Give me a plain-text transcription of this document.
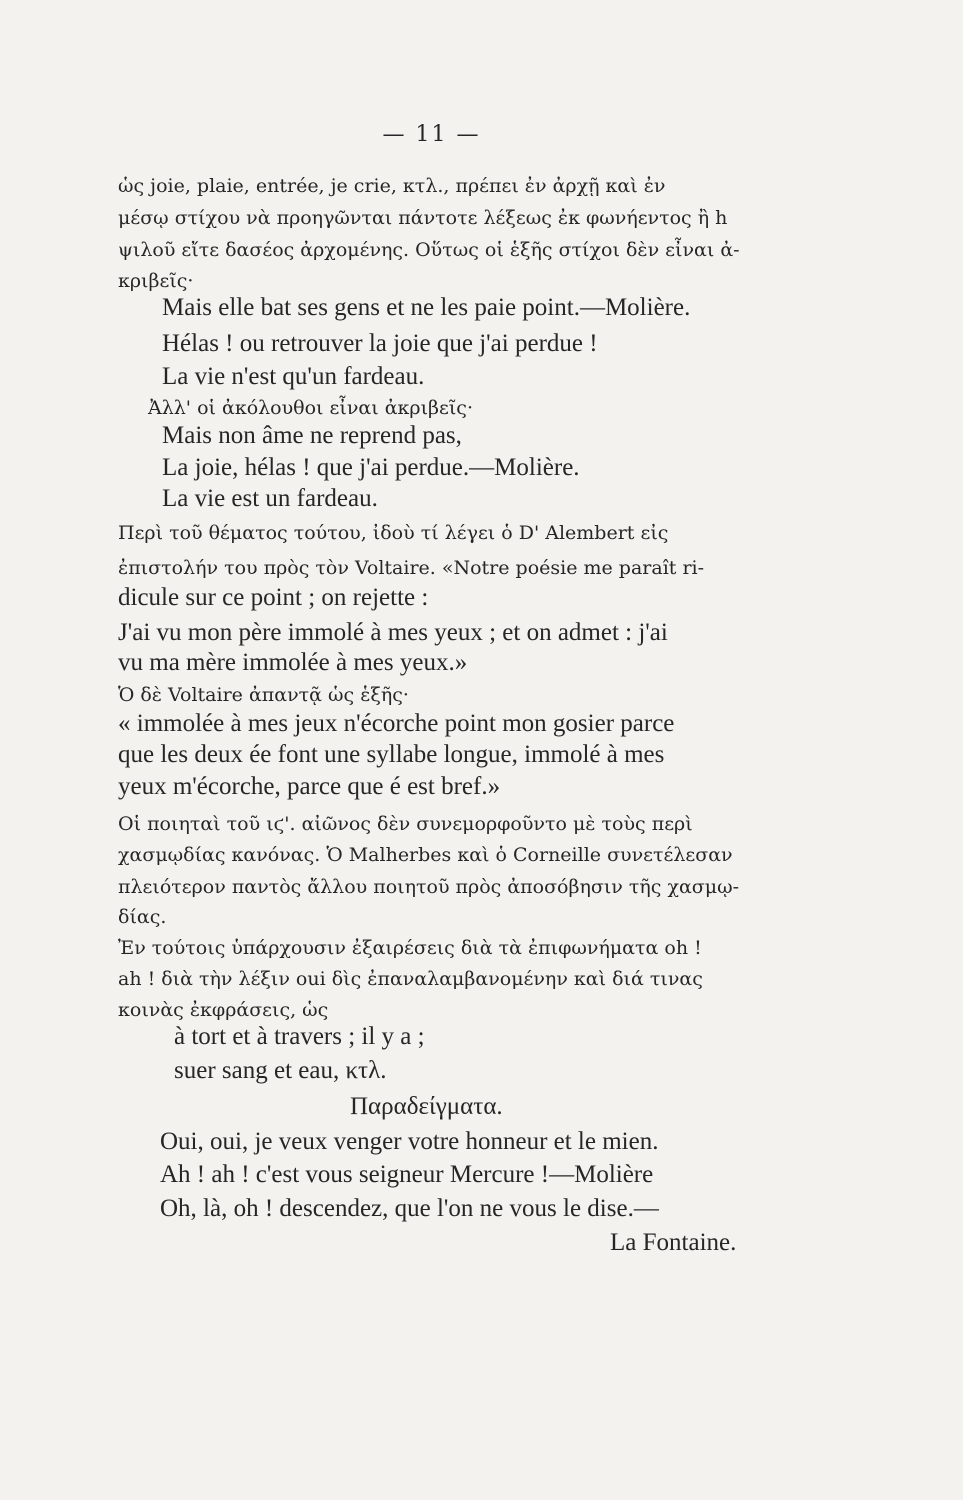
— 11 —
ὡς joie, plaie, entrée, je crie, κτλ., πρέπει ἐν ἀρχῇ καὶ ἐν
μέσῳ στίχου νὰ προηγῶνται πάντοτε λέξεως ἐκ φωνήεντος ἢ h
ψιλοῦ εἴτε δασέος ἀρχομένης. Οὕτως οἱ ἑξῆς στίχοι δὲν εἶναι ἀ-
κριβεῖς·
Mais elle bat ses gens et ne les paie point.—Molière.
Hélas ! ou retrouver la joie que j'ai perdue !
La vie n'est qu'un fardeau.
Ἀλλ' οἱ ἀκόλουθοι εἶναι ἀκριβεῖς·
Mais non âme ne reprend pas,
La joie, hélas ! que j'ai perdue.—Molière.
La vie est un fardeau.
Περὶ τοῦ θέματος τούτου, ἰδοὺ τί λέγει ὁ D' Alembert εἰς
ἐπιστολήν του πρὸς τὸν Voltaire. «Notre poésie me paraît ri-
dicule sur ce point ; on rejette :
J'ai vu mon père immolé à mes yeux ; et on admet : j'ai
vu ma mère immolée à mes yeux.»
Ὁ δὲ Voltaire ἀπαντᾷ ὡς ἑξῆς·
« immolée à mes jeux n'écorche point mon gosier parce
que les deux ée font une syllabe longue, immolé à mes
yeux m'écorche, parce que é est bref.»
Οἱ ποιηταὶ τοῦ ιϛ'. αἰῶνος δὲν συνεμορφοῦντο μὲ τοὺς περὶ
χασμῳδίας κανόνας. Ὁ Malherbes καὶ ὁ Corneille συνετέλεσαν
πλειότερον παντὸς ἄλλου ποιητοῦ πρὸς ἀποσόβησιν τῆς χασμῳ-
δίας.
Ἐν τούτοις ὑπάρχουσιν ἐξαιρέσεις διὰ τὰ ἐπιφωνήματα oh !
ah ! διὰ τὴν λέξιν oui δὶς ἐπαναλαμβανομένην καὶ διά τινας
κοινὰς ἐκφράσεις, ὡς
à tort et à travers ; il y a ;
suer sang et eau, κτλ.
Παραδείγματα.
Oui, oui, je veux venger votre honneur et le mien.
Ah ! ah ! c'est vous seigneur Mercure !—Molière
Oh, là, oh ! descendez, que l'on ne vous le dise.—
La Fontaine.
